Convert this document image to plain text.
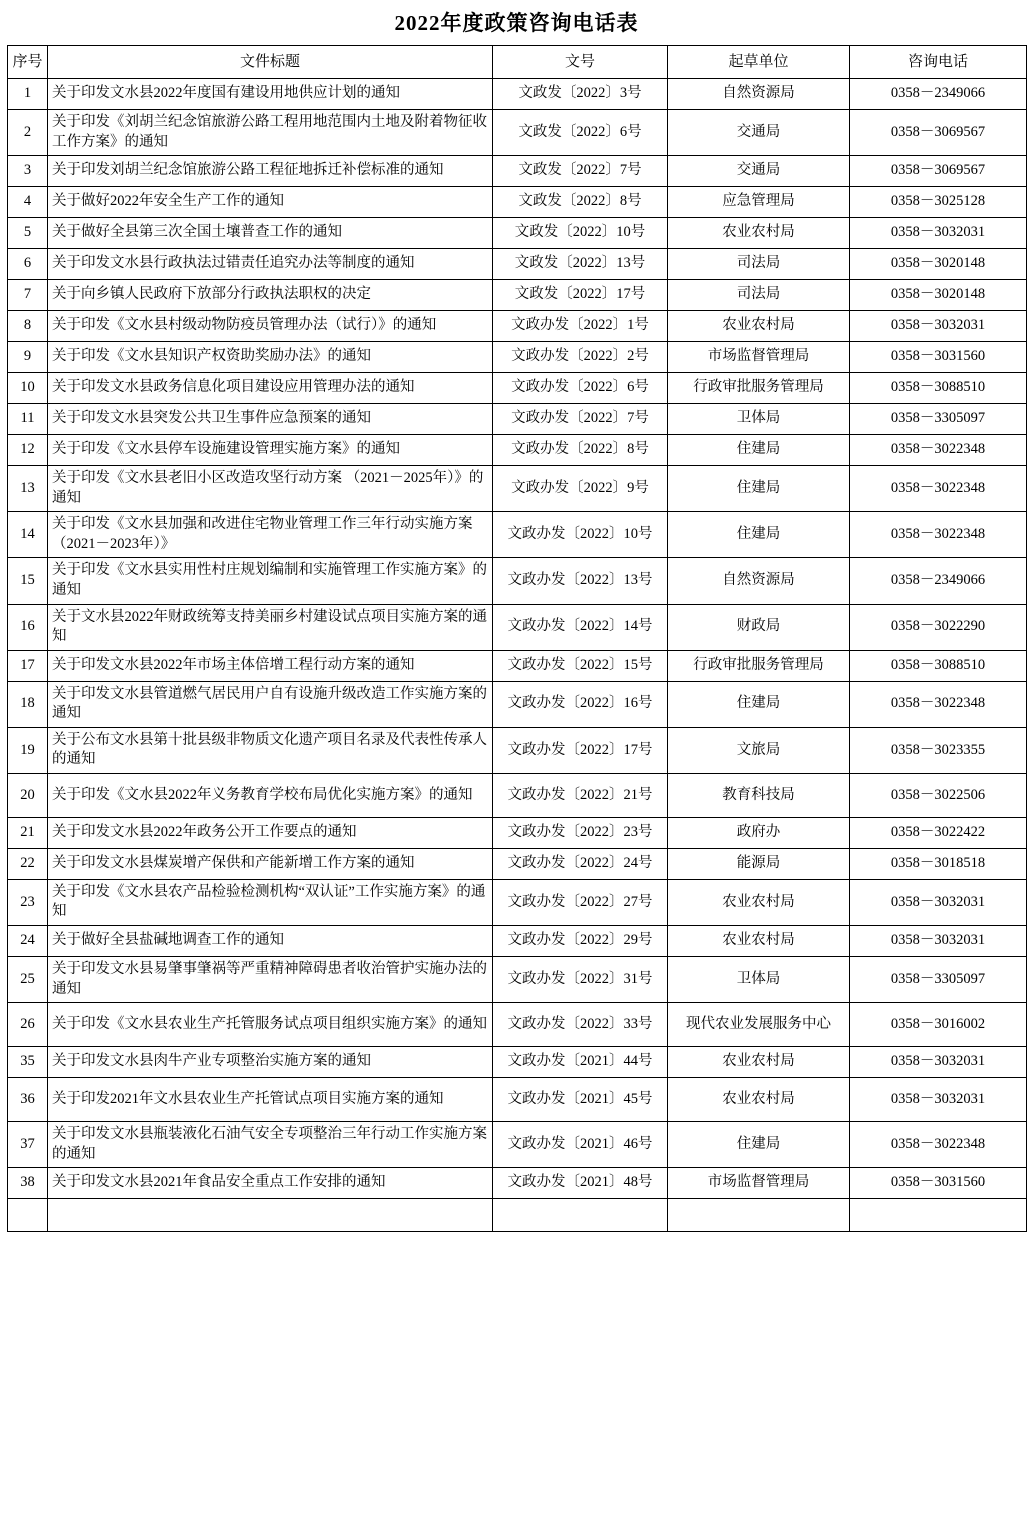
2022年度政策咨询电话表
序号	文件标题	文号	起草单位	咨询电话
1	关于印发文水县2022年度国有建设用地供应计划的通知	文政发〔2022〕3号	自然资源局	0358－2349066
2	关于印发《刘胡兰纪念馆旅游公路工程用地范围内土地及附着物征收工作方案》的通知	文政发〔2022〕6号	交通局	0358－3069567
3	关于印发刘胡兰纪念馆旅游公路工程征地拆迁补偿标准的通知	文政发〔2022〕7号	交通局	0358－3069567
4	关于做好2022年安全生产工作的通知	文政发〔2022〕8号	应急管理局	0358－3025128
5	关于做好全县第三次全国土壤普查工作的通知	文政发〔2022〕10号	农业农村局	0358－3032031
6	关于印发文水县行政执法过错责任追究办法等制度的通知	文政发〔2022〕13号	司法局	0358－3020148
7	关于向乡镇人民政府下放部分行政执法职权的决定	文政发〔2022〕17号	司法局	0358－3020148
8	关于印发《文水县村级动物防疫员管理办法（试行）》的通知	文政办发〔2022〕1号	农业农村局	0358－3032031
9	关于印发《文水县知识产权资助奖励办法》的通知	文政办发〔2022〕2号	市场监督管理局	0358－3031560
10	关于印发文水县政务信息化项目建设应用管理办法的通知	文政办发〔2022〕6号	行政审批服务管理局	0358－3088510
11	关于印发文水县突发公共卫生事件应急预案的通知	文政办发〔2022〕7号	卫体局	0358－3305097
12	关于印发《文水县停车设施建设管理实施方案》的通知	文政办发〔2022〕8号	住建局	0358－3022348
13	关于印发《文水县老旧小区改造攻坚行动方案 （2021－2025年）》的通知	文政办发〔2022〕9号	住建局	0358－3022348
14	关于印发《文水县加强和改进住宅物业管理工作三年行动实施方案（2021－2023年）》	文政办发〔2022〕10号	住建局	0358－3022348
15	关于印发《文水县实用性村庄规划编制和实施管理工作实施方案》的通知	文政办发〔2022〕13号	自然资源局	0358－2349066
16	关于文水县2022年财政统筹支持美丽乡村建设试点项目实施方案的通知	文政办发〔2022〕14号	财政局	0358－3022290
17	关于印发文水县2022年市场主体倍增工程行动方案的通知	文政办发〔2022〕15号	行政审批服务管理局	0358－3088510
18	关于印发文水县管道燃气居民用户自有设施升级改造工作实施方案的通知	文政办发〔2022〕16号	住建局	0358－3022348
19	关于公布文水县第十批县级非物质文化遗产项目名录及代表性传承人的通知	文政办发〔2022〕17号	文旅局	0358－3023355
20	关于印发《文水县2022年义务教育学校布局优化实施方案》的通知	文政办发〔2022〕21号	教育科技局	0358－3022506
21	关于印发文水县2022年政务公开工作要点的通知	文政办发〔2022〕23号	政府办	0358－3022422
22	关于印发文水县煤炭增产保供和产能新增工作方案的通知	文政办发〔2022〕24号	能源局	0358－3018518
23	关于印发《文水县农产品检验检测机构“双认证”工作实施方案》的通知	文政办发〔2022〕27号	农业农村局	0358－3032031
24	关于做好全县盐碱地调查工作的通知	文政办发〔2022〕29号	农业农村局	0358－3032031
25	关于印发文水县易肇事肇祸等严重精神障碍患者收治管护实施办法的通知	文政办发〔2022〕31号	卫体局	0358－3305097
26	关于印发《文水县农业生产托管服务试点项目组织实施方案》的通知	文政办发〔2022〕33号	现代农业发展服务中心	0358－3016002
35	关于印发文水县肉牛产业专项整治实施方案的通知	文政办发〔2021〕44号	农业农村局	0358－3032031
36	关于印发2021年文水县农业生产托管试点项目实施方案的通知	文政办发〔2021〕45号	农业农村局	0358－3032031
37	关于印发文水县瓶装液化石油气安全专项整治三年行动工作实施方案的通知	文政办发〔2021〕46号	住建局	0358－3022348
38	关于印发文水县2021年食品安全重点工作安排的通知	文政办发〔2021〕48号	市场监督管理局	0358－3031560
